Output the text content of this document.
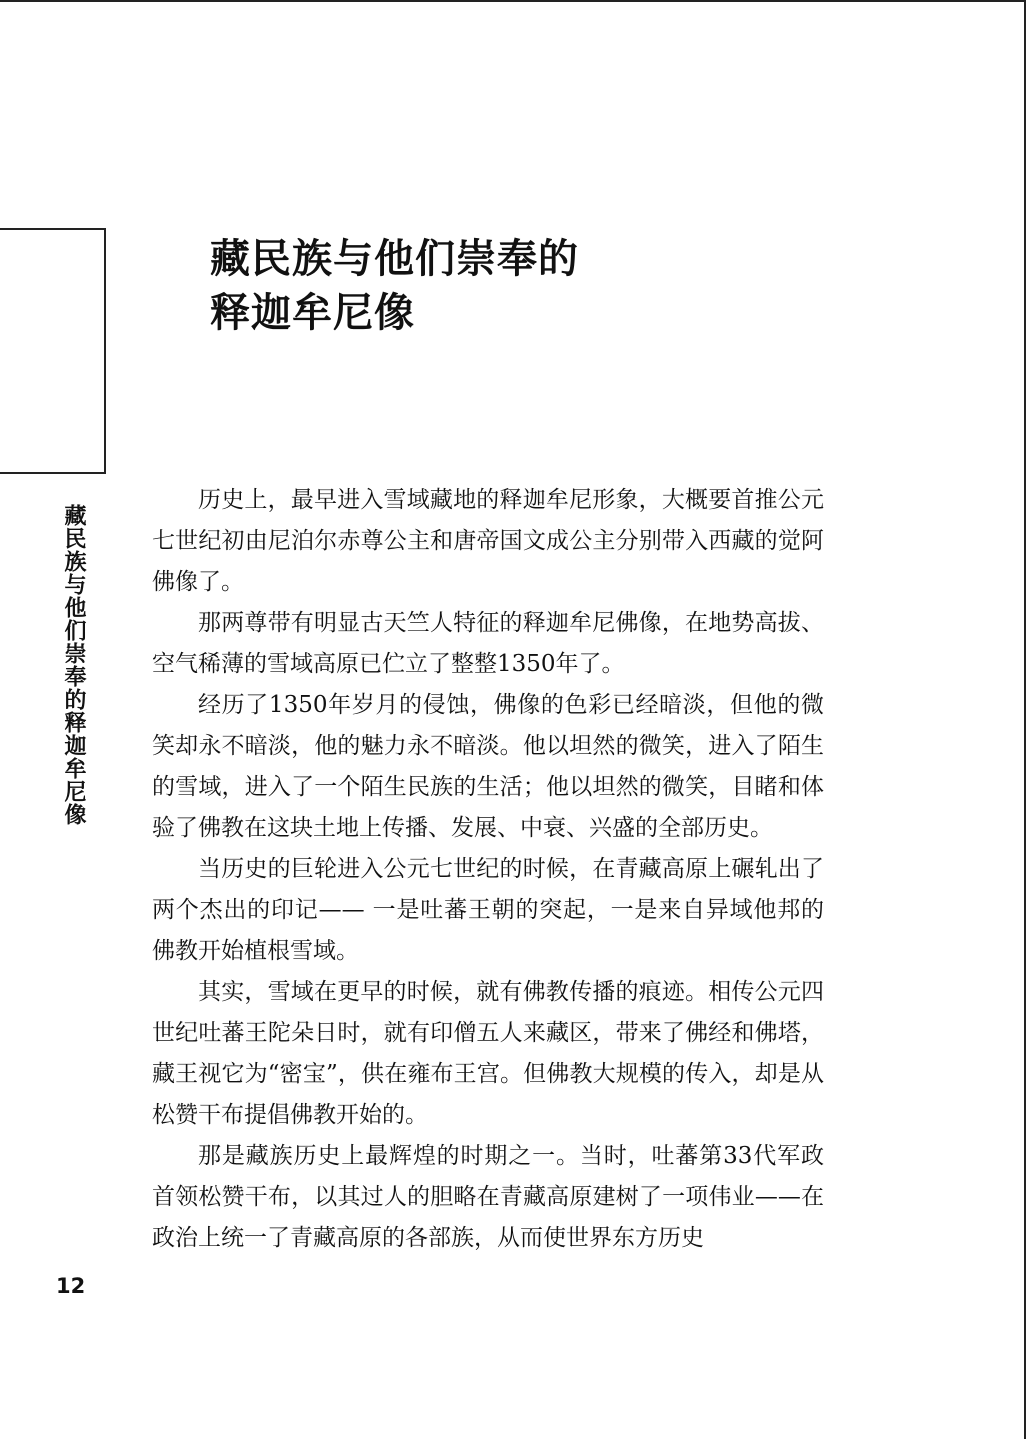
藏民族与他们崇奉的
释迦牟尼像
藏民族与他们崇奉的释迦牟尼像

历史上，最早进入雪域藏地的释迦牟尼形象，大概要首推公元七世纪初由尼泊尔赤尊公主和唐帝国文成公主分别带入西藏的觉阿佛像了。

那两尊带有明显古天竺人特征的释迦牟尼佛像，在地势高拔、空气稀薄的雪域高原已伫立了整整1350年了。

经历了1350年岁月的侵蚀，佛像的色彩已经暗淡，但他的微笑却永不暗淡，他的魅力永不暗淡。他以坦然的微笑，进入了陌生的雪域，进入了一个陌生民族的生活；他以坦然的微笑，目睹和体验了佛教在这块土地上传播、发展、中衰、兴盛的全部历史。

当历史的巨轮进入公元七世纪的时候，在青藏高原上碾轧出了两个杰出的印记—— 一是吐蕃王朝的突起，一是来自异域他邦的佛教开始植根雪域。

其实，雪域在更早的时候，就有佛教传播的痕迹。相传公元四世纪吐蕃王陀朵日时，就有印僧五人来藏区，带来了佛经和佛塔，藏王视它为“密宝”，供在雍布王宫。但佛教大规模的传入，却是从松赞干布提倡佛教开始的。

那是藏族历史上最辉煌的时期之一。当时，吐蕃第33代军政首领松赞干布，以其过人的胆略在青藏高原建树了一项伟业——在政治上统一了青藏高原的各部族，从而使世界东方历史

12
